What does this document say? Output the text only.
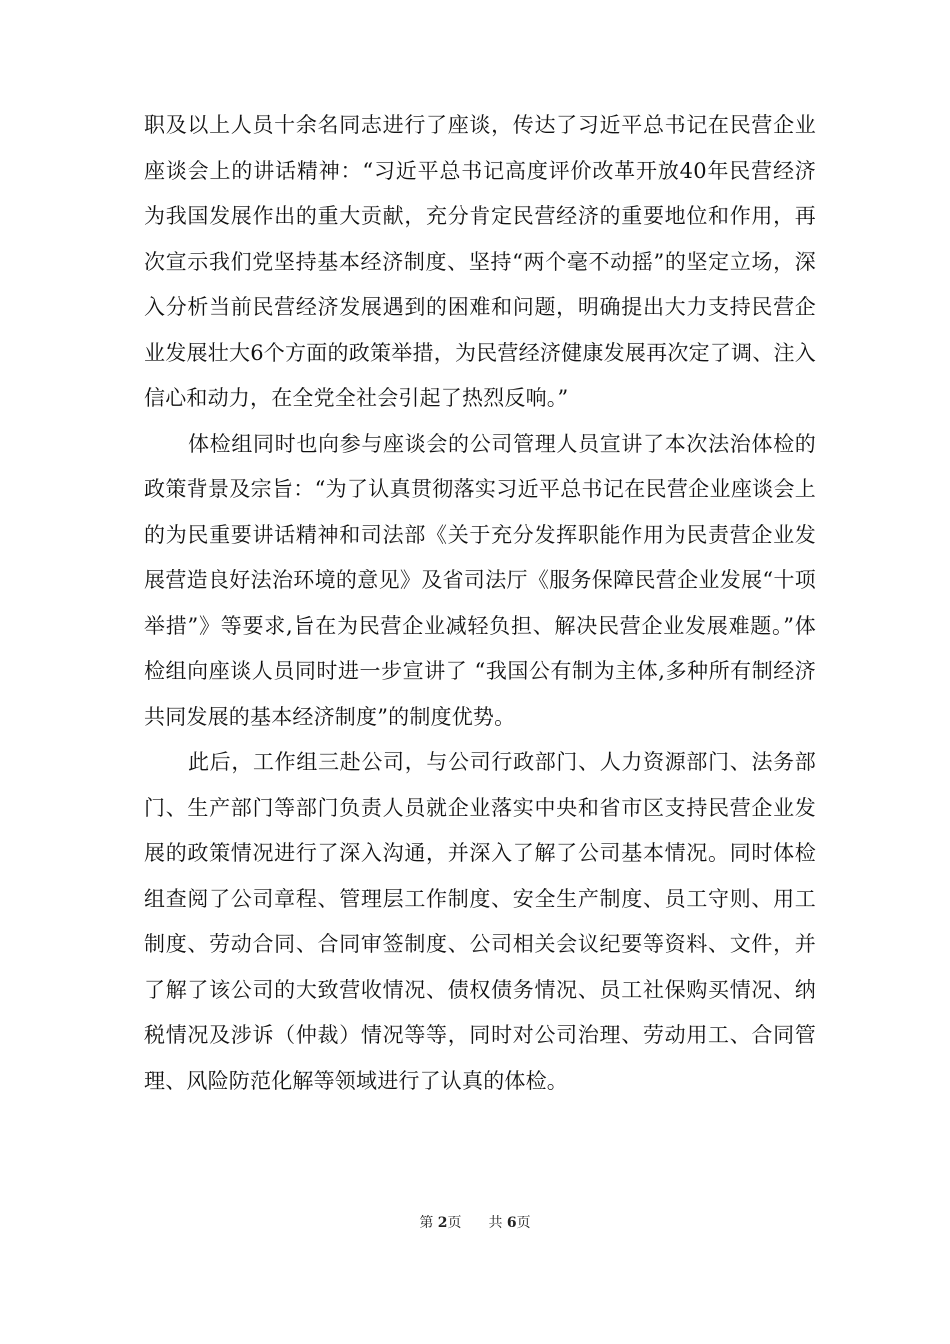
职及以上人员十余名同志进行了座谈，传达了习近平总书记在民营企业座谈会上的讲话精神：“习近平总书记高度评价改革开放40年民营经济为我国发展作出的重大贡献，充分肯定民营经济的重要地位和作用，再次宣示我们党坚持基本经济制度、坚持“两个毫不动摇”的坚定立场，深入分析当前民营经济发展遇到的困难和问题，明确提出大力支持民营企业发展壮大6个方面的政策举措，为民营经济健康发展再次定了调、注入信心和动力，在全党全社会引起了热烈反响。”

体检组同时也向参与座谈会的公司管理人员宣讲了本次法治体检的政策背景及宗旨：“为了认真贯彻落实习近平总书记在民营企业座谈会上的为民重要讲话精神和司法部《关于充分发挥职能作用为民责营企业发展营造良好法治环境的意见》及省司法厅《服务保障民营企业发展“十项举措”》等要求,旨在为民营企业减轻负担、解决民营企业发展难题。”体检组向座谈人员同时进一步宣讲了 “我国公有制为主体,多种所有制经济共同发展的基本经济制度”的制度优势。

此后，工作组三赴公司，与公司行政部门、人力资源部门、法务部门、生产部门等部门负责人员就企业落实中央和省市区支持民营企业发展的政策情况进行了深入沟通，并深入了解了公司基本情况。同时体检组查阅了公司章程、管理层工作制度、安全生产制度、员工守则、用工制度、劳动合同、合同审签制度、公司相关会议纪要等资料、文件，并了解了该公司的大致营收情况、债权债务情况、员工社保购买情况、纳税情况及涉诉（仲裁）情况等等，同时对公司治理、劳动用工、合同管理、风险防范化解等领域进行了认真的体检。

第 2页 共 6页
